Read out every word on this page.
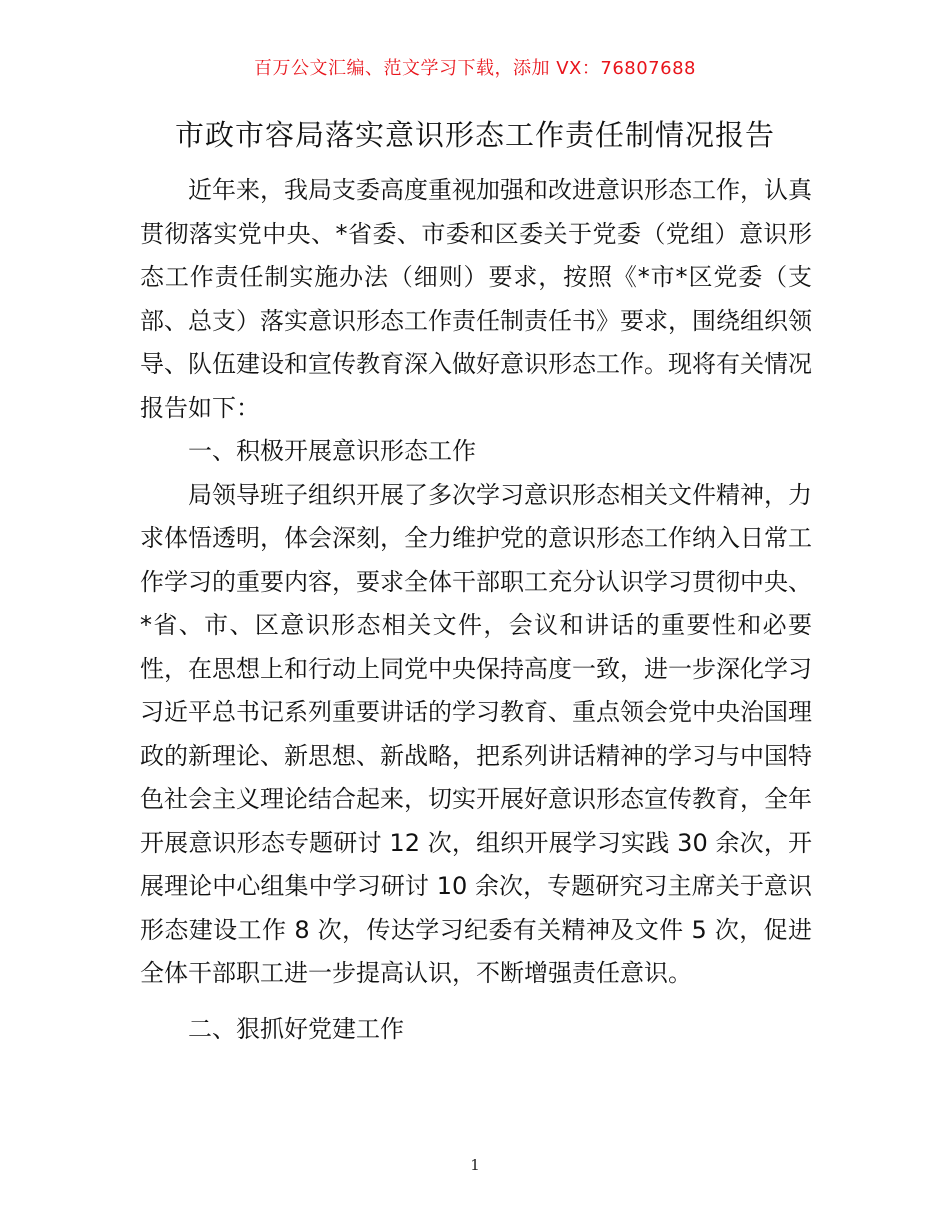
百万公文汇编、范文学习下载，添加 VX：76807688
市政市容局落实意识形态工作责任制情况报告

近年来，我局支委高度重视加强和改进意识形态工作，认真贯彻落实党中央、*省委、市委和区委关于党委（党组）意识形态工作责任制实施办法（细则）要求，按照《*市*区党委（支部、总支）落实意识形态工作责任制责任书》要求，围绕组织领导、队伍建设和宣传教育深入做好意识形态工作。现将有关情况报告如下：

一、积极开展意识形态工作

局领导班子组织开展了多次学习意识形态相关文件精神，力求体悟透明，体会深刻，全力维护党的意识形态工作纳入日常工作学习的重要内容，要求全体干部职工充分认识学习贯彻中央、*省、市、区意识形态相关文件，会议和讲话的重要性和必要性，在思想上和行动上同党中央保持高度一致，进一步深化学习习近平总书记系列重要讲话的学习教育、重点领会党中央治国理政的新理论、新思想、新战略，把系列讲话精神的学习与中国特色社会主义理论结合起来，切实开展好意识形态宣传教育，全年开展意识形态专题研讨 12 次，组织开展学习实践 30 余次，开展理论中心组集中学习研讨 10 余次，专题研究习主席关于意识形态建设工作 8 次，传达学习纪委有关精神及文件 5 次，促进全体干部职工进一步提高认识，不断增强责任意识。

二、狠抓好党建工作

1
